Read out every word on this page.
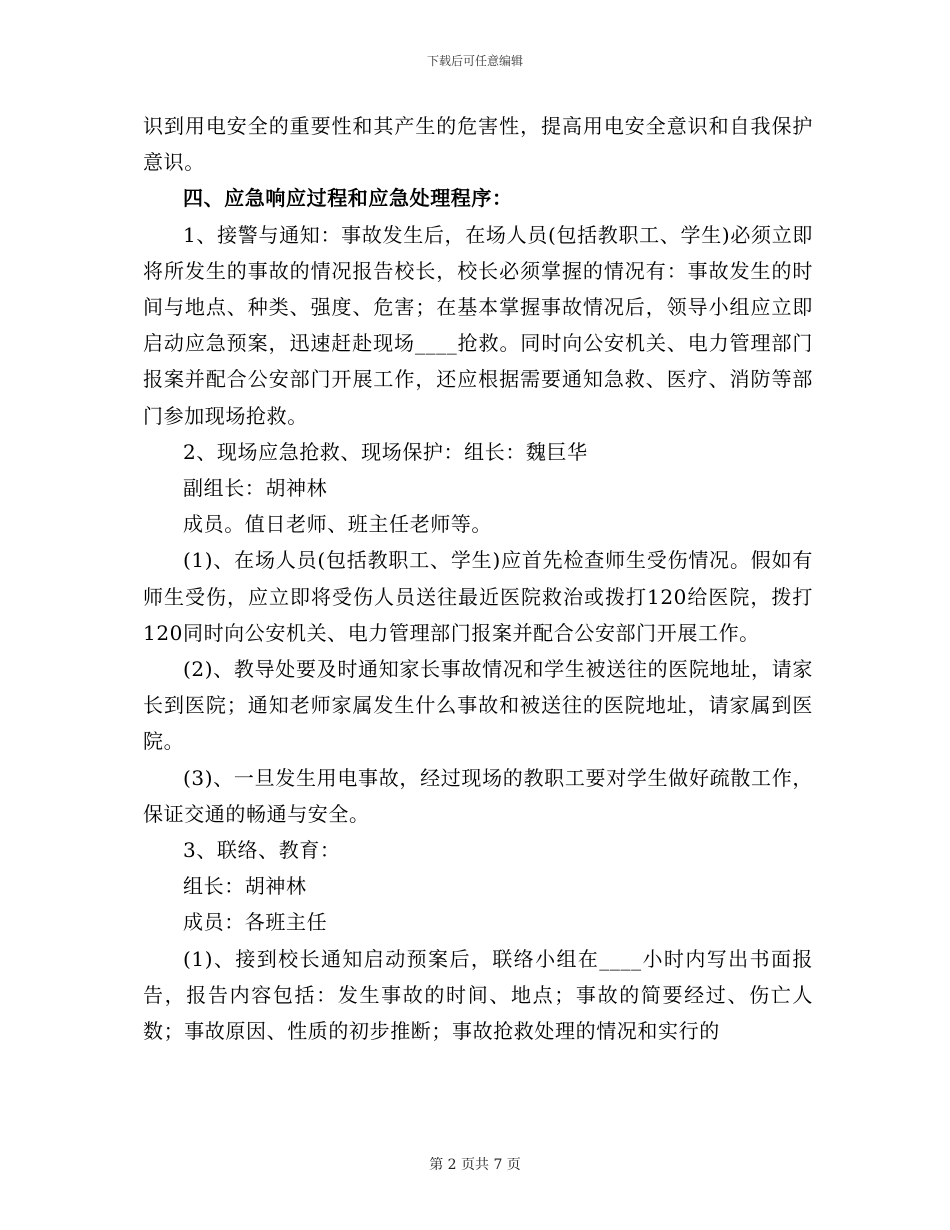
下载后可任意编辑

识到用电安全的重要性和其产生的危害性，提高用电安全意识和自我保护意识。

四、应急响应过程和应急处理程序：

1、接警与通知：事故发生后，在场人员(包括教职工、学生)必须立即将所发生的事故的情况报告校长，校长必须掌握的情况有：事故发生的时间与地点、种类、强度、危害；在基本掌握事故情况后，领导小组应立即启动应急预案，迅速赶赴现场____抢救。同时向公安机关、电力管理部门报案并配合公安部门开展工作，还应根据需要通知急救、医疗、消防等部门参加现场抢救。

2、现场应急抢救、现场保护：组长：魏巨华

副组长：胡神林

成员。值日老师、班主任老师等。

(1)、在场人员(包括教职工、学生)应首先检查师生受伤情况。假如有师生受伤，应立即将受伤人员送往最近医院救治或拨打120给医院，拨打120同时向公安机关、电力管理部门报案并配合公安部门开展工作。

(2)、教导处要及时通知家长事故情况和学生被送往的医院地址，请家长到医院；通知老师家属发生什么事故和被送往的医院地址，请家属到医院。

(3)、一旦发生用电事故，经过现场的教职工要对学生做好疏散工作，保证交通的畅通与安全。

3、联络、教育：

组长：胡神林

成员：各班主任

(1)、接到校长通知启动预案后，联络小组在____小时内写出书面报告，报告内容包括：发生事故的时间、地点；事故的简要经过、伤亡人数；事故原因、性质的初步推断；事故抢救处理的情况和实行的

第 2 页共 7 页
